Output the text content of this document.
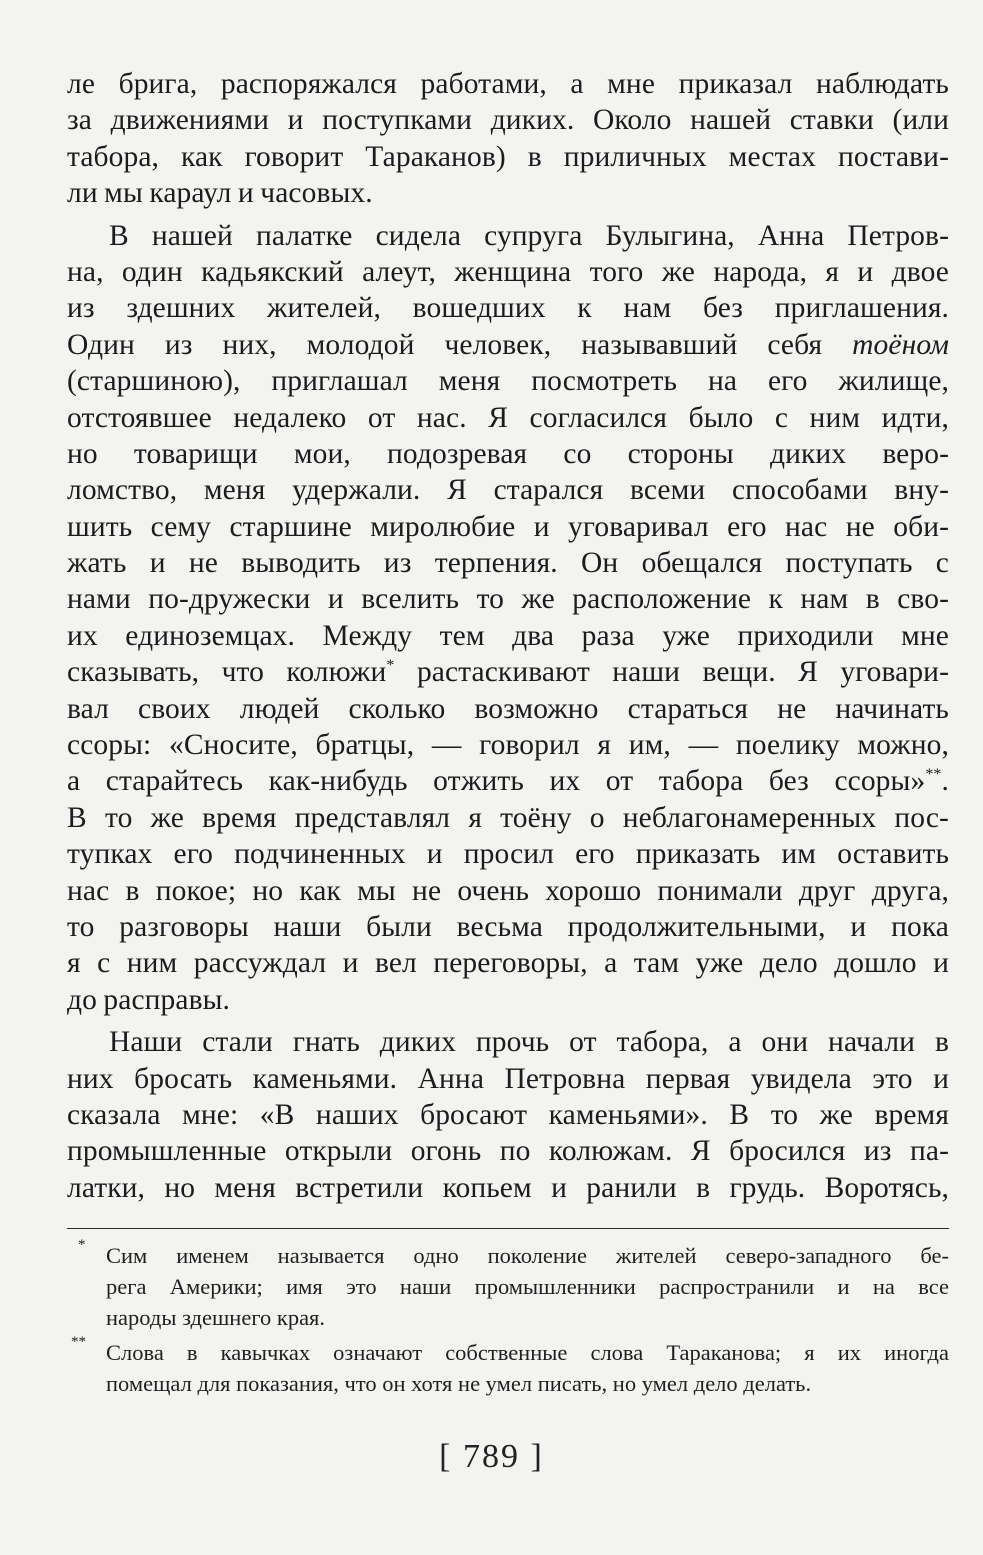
ле брига, распоряжался работами, а мне приказал наблюдать
за движениями и поступками диких. Около нашей ставки (или
табора, как говорит Тараканов) в приличных местах постави-
ли мы караул и часовых.
В нашей палатке сидела супруга Булыгина, Анна Петров-
на, один кадьякский алеут, женщина того же народа, я и двое
из здешних жителей, вошедших к нам без приглашения.
Один из них, молодой человек, называвший себя тоёном
(старшиною), приглашал меня посмотреть на его жилище,
отстоявшее недалеко от нас. Я согласился было с ним идти,
но товарищи мои, подозревая со стороны диких веро-
ломство, меня удержали. Я старался всеми способами вну-
шить сему старшине миролюбие и уговаривал его нас не оби-
жать и не выводить из терпения. Он обещался поступать с
нами по-дружески и вселить то же расположение к нам в сво-
их единоземцах. Между тем два раза уже приходили мне
сказывать, что колюжи* растаскивают наши вещи. Я уговари-
вал своих людей сколько возможно стараться не начинать
ссоры: «Сносите, братцы, — говорил я им, — поелику можно,
а старайтесь как-нибудь отжить их от табора без ссоры»**.
В то же время представлял я тоёну о неблагонамеренных пос-
тупках его подчиненных и просил его приказать им оставить
нас в покое; но как мы не очень хорошо понимали друг друга,
то разговоры наши были весьма продолжительными, и пока
я с ним рассуждал и вел переговоры, а там уже дело дошло и
до расправы.
Наши стали гнать диких прочь от табора, а они начали в
них бросать каменьями. Анна Петровна первая увидела это и
сказала мне: «В наших бросают каменьями». В то же время
промышленные открыли огонь по колюжам. Я бросился из па-
латки, но меня встретили копьем и ранили в грудь. Воротясь,
* Сим именем называется одно поколение жителей северо-западного бе-
рега Америки; имя это наши промышленники распространили и на все
народы здешнего края.
** Слова в кавычках означают собственные слова Тараканова; я их иногда
помещал для показания, что он хотя не умел писать, но умел дело делать.
[ 789 ]
